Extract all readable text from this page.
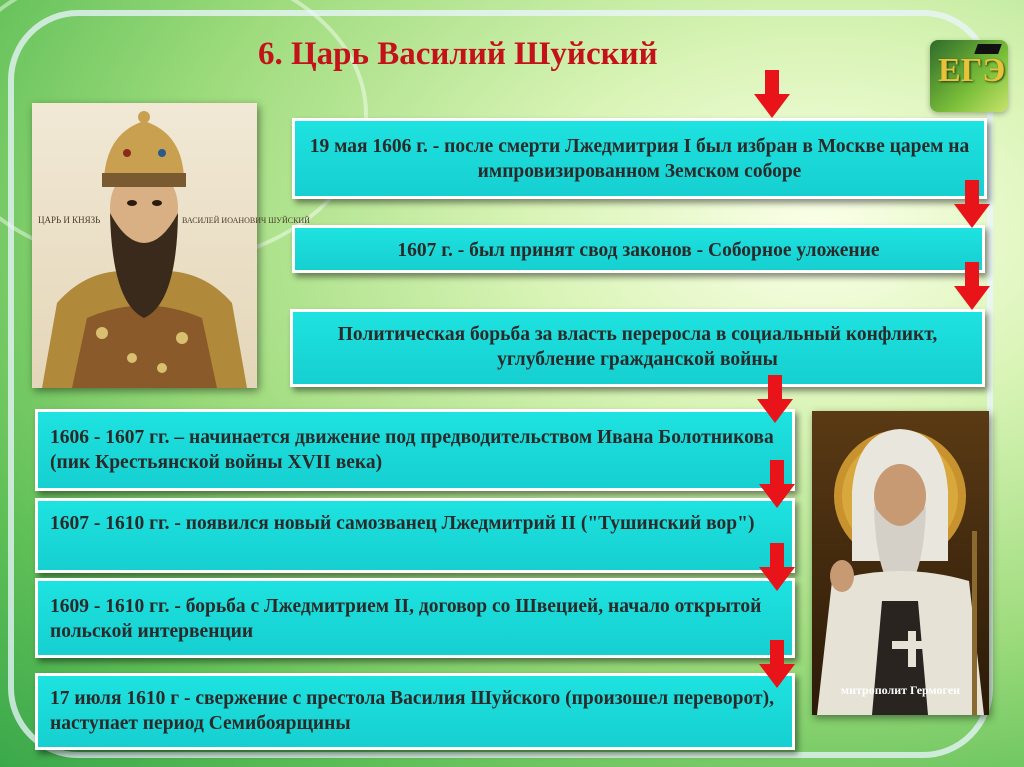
6. Царь Василий Шуйский	ЕГЭ
ЦАРЬ И КНЯЗЬ	ВАСИЛЕЙ ИОАНОВИЧ ШУЙСКИЙ
митрополит Гермоген
19 мая 1606 г. - после смерти Лжедмитрия I был избран в Москве царем на импровизированном Земском соборе
1607 г. - был принят свод законов - Соборное уложение
Политическая борьба за власть переросла в социальный конфликт, углубление гражданской войны
1606 - 1607 гг. – начинается движение под предводительством Ивана Болотникова (пик Крестьянской войны XVII века)
1607 - 1610 гг. - появился новый самозванец Лжедмитрий II ("Тушинский вор")
1609 - 1610 гг. - борьба с Лжедмитрием II, договор со Швецией, начало открытой польской интервенции
17 июля 1610 г - свержение с престола Василия Шуйского (произошел переворот), наступает период Семибоярщины
